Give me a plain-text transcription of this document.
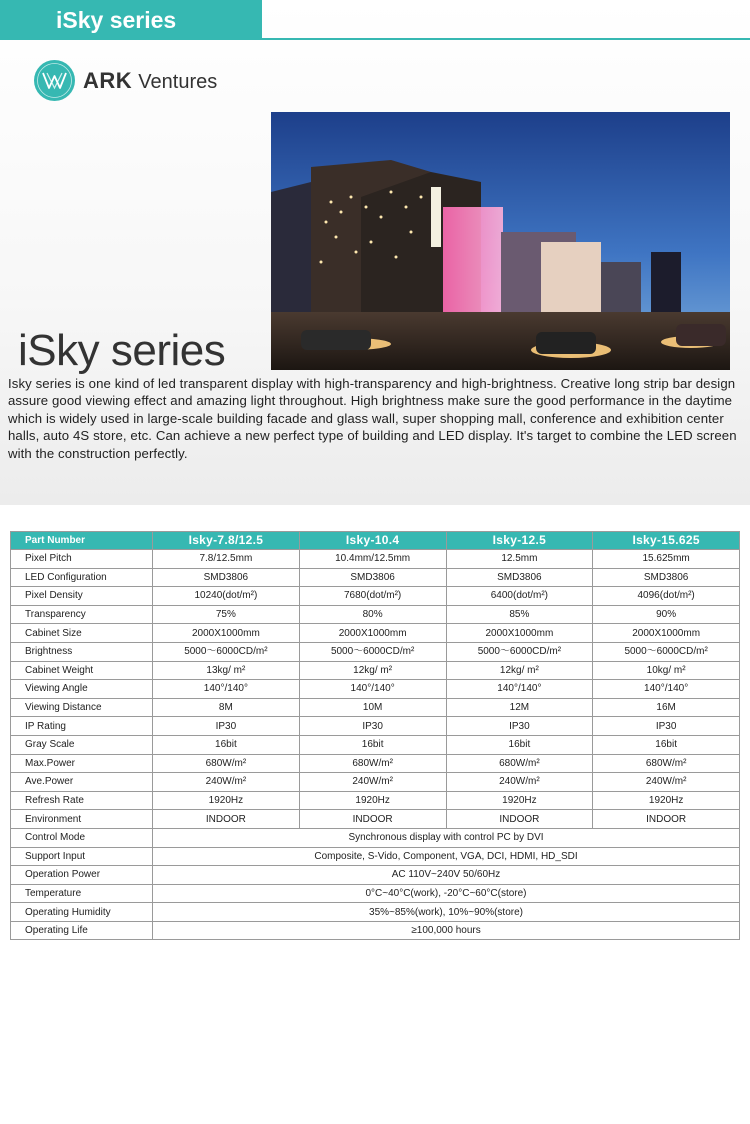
iSky series
ARK Ventures
iSky series
Isky series is one kind of led transparent display with high-transparency and high-brightness. Creative long strip bar design assure good viewing effect and amazing light throughout. High brightness make sure the good performance in the daytime which is widely used in large-scale building facade and glass wall, super shopping mall, conference and exhibition center halls, auto 4S store, etc. Can achieve a new perfect type of building and LED display. It's target to combine the LED screen with the construction perfectly.
Part Number	Isky-7.8/12.5	Isky-10.4	Isky-12.5	Isky-15.625
Pixel Pitch	7.8/12.5mm	10.4mm/12.5mm	12.5mm	15.625mm
LED Configuration	SMD3806	SMD3806	SMD3806	SMD3806
Pixel Density	10240(dot/m²)	7680(dot/m²)	6400(dot/m²)	4096(dot/m²)
Transparency	75%	80%	85%	90%
Cabinet Size	2000X1000mm	2000X1000mm	2000X1000mm	2000X1000mm
Brightness	5000～6000CD/m²	5000～6000CD/m²	5000～6000CD/m²	5000～6000CD/m²
Cabinet Weight	13kg/ m²	12kg/ m²	12kg/ m²	10kg/ m²
Viewing Angle	140°/140°	140°/140°	140°/140°	140°/140°
Viewing Distance	8M	10M	12M	16M
IP Rating	IP30	IP30	IP30	IP30
Gray Scale	16bit	16bit	16bit	16bit
Max.Power	680W/m²	680W/m²	680W/m²	680W/m²
Ave.Power	240W/m²	240W/m²	240W/m²	240W/m²
Refresh Rate	1920Hz	1920Hz	1920Hz	1920Hz
Environment	INDOOR	INDOOR	INDOOR	INDOOR
Control Mode	Synchronous display with control PC by DVI			
Support Input	Composite, S-Vido, Component, VGA, DCI, HDMI, HD_SDI			
Operation Power	AC 110V~240V 50/60Hz			
Temperature	0°C~40°C(work), -20°C~60°C(store)			
Operating Humidity	35%~85%(work), 10%~90%(store)			
Operating Life	≥100,000 hours			
